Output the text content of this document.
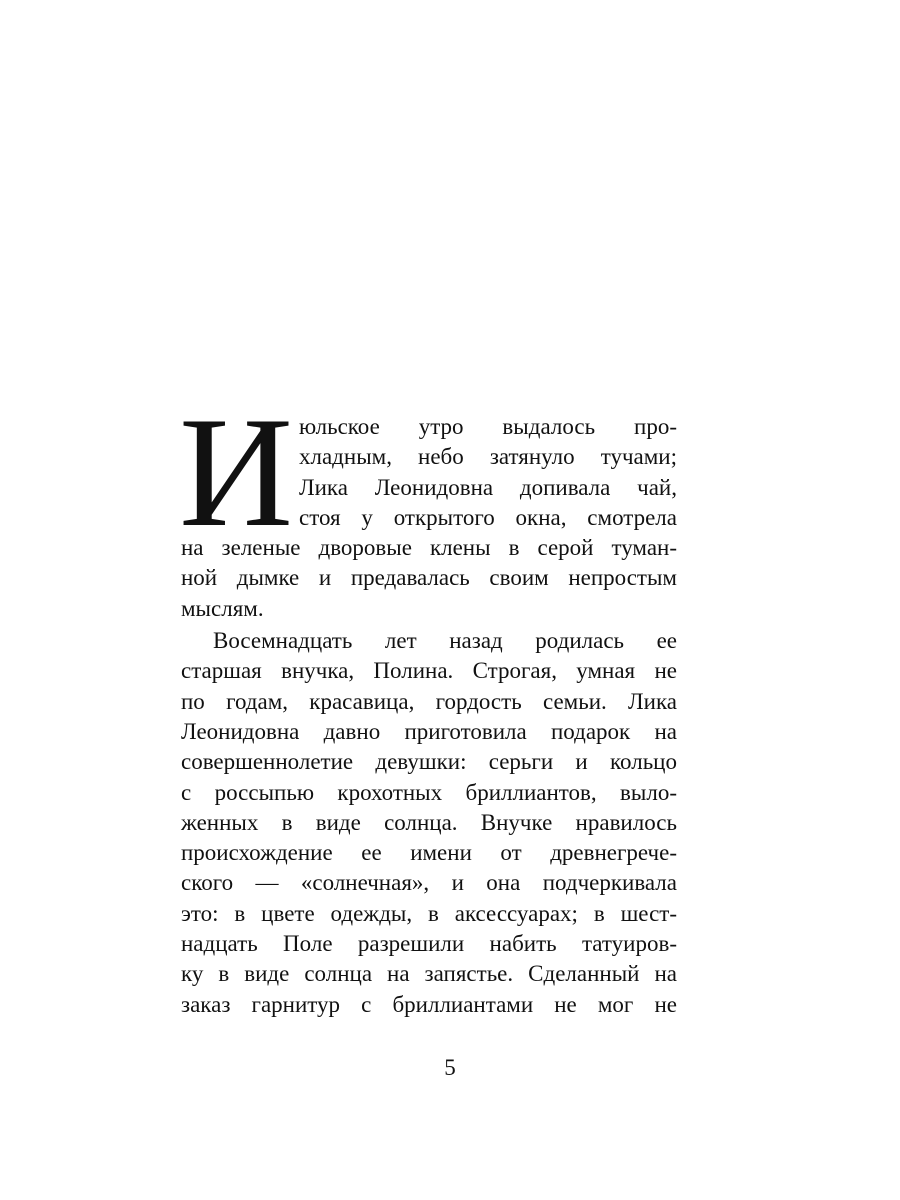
И юльское утро выдалось про-
хладным, небо затянуло тучами;
Лика Леонидовна допивала чай,
стоя у открытого окна, смотрела
на зеленые дворовые клены в серой туман-
ной дымке и предавалась своим непростым
мыслям.
Восемнадцать лет назад родилась ее
старшая внучка, Полина. Строгая, умная не
по годам, красавица, гордость семьи. Лика
Леонидовна давно приготовила подарок на
совершеннолетие девушки: серьги и кольцо
с россыпью крохотных бриллиантов, выло-
женных в виде солнца. Внучке нравилось
происхождение ее имени от древнегрече-
ского — «солнечная», и она подчеркивала
это: в цвете одежды, в аксессуарах; в шест-
надцать Поле разрешили набить татуиров-
ку в виде солнца на запястье. Сделанный на
заказ гарнитур с бриллиантами не мог не
5
